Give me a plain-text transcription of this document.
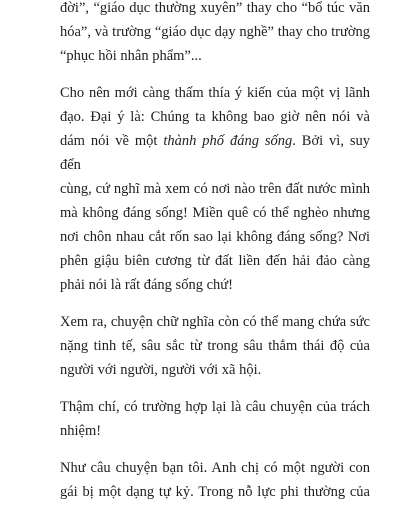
đời”, “giáo dục thường xuyên” thay cho “bổ túc văn
hóa”, và trường “giáo dục dạy nghề” thay cho trường
“phục hồi nhân phẩm”...
Cho nên mới càng thấm thía ý kiến của một vị lãnh
đạo. Đại ý là: Chúng ta không bao giờ nên nói và
dám nói về một thành phố đáng sống. Bởi vì, suy đến
cùng, cứ nghĩ mà xem có nơi nào trên đất nước mình
mà không đáng sống! Miền quê có thể nghèo nhưng
nơi chôn nhau cắt rốn sao lại không đáng sống? Nơi
phên giậu biên cương từ đất liền đến hải đảo càng
phải nói là rất đáng sống chứ!
Xem ra, chuyện chữ nghĩa còn có thể mang chứa sức
nặng tinh tế, sâu sắc từ trong sâu thẳm thái độ của
người với người, người với xã hội.
Thậm chí, có trường hợp lại là câu chuyện của trách
nhiệm!
Như câu chuyện bạn tôi. Anh chị có một người con
gái bị một dạng tự kỷ. Trong nỗ lực phi thường của
